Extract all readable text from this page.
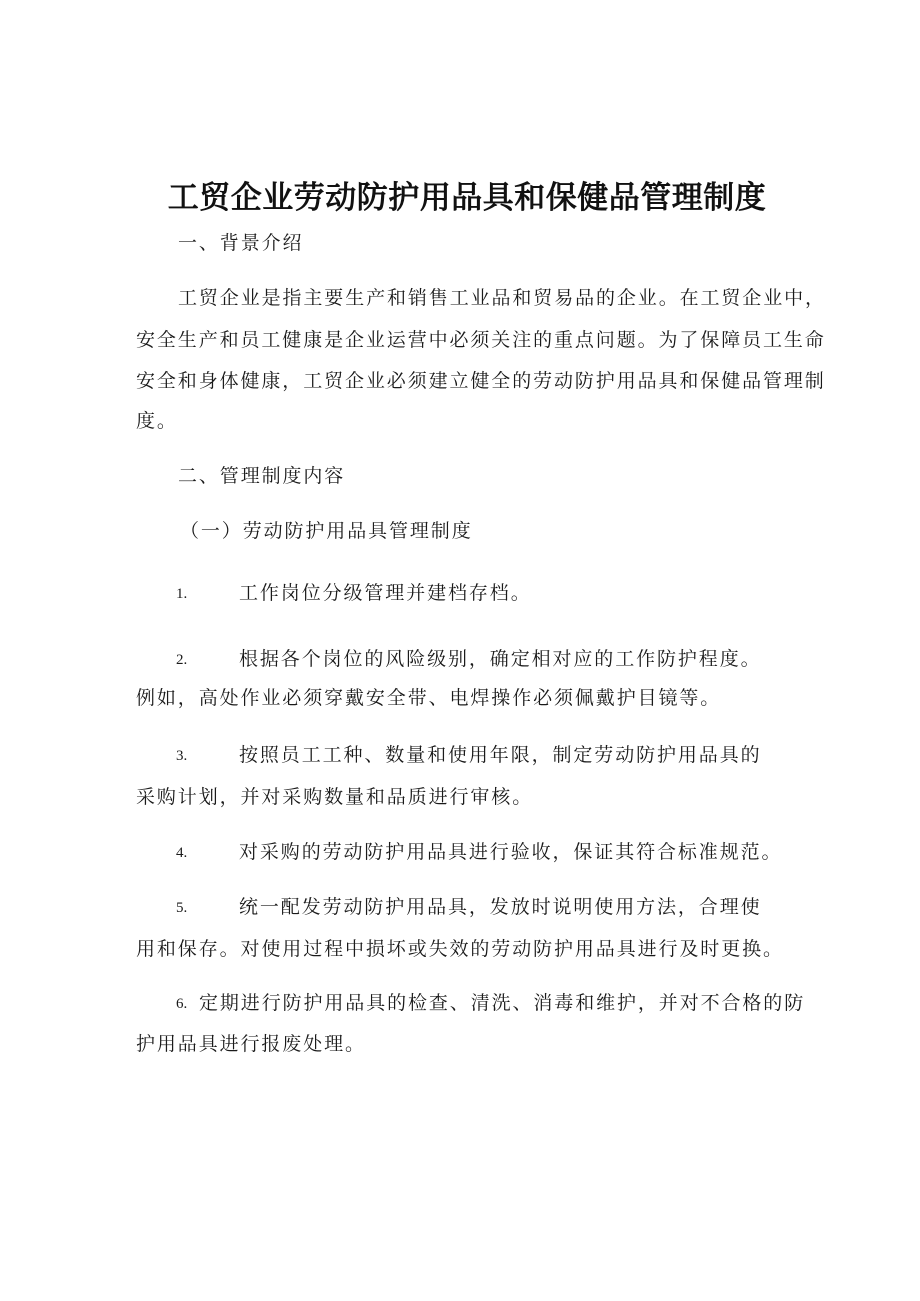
工贸企业劳动防护用品具和保健品管理制度
一、背景介绍
工贸企业是指主要生产和销售工业品和贸易品的企业。在工贸企业中，
安全生产和员工健康是企业运营中必须关注的重点问题。为了保障员工生命
安全和身体健康，工贸企业必须建立健全的劳动防护用品具和保健品管理制
度。
二、管理制度内容
（一）劳动防护用品具管理制度
1.	工作岗位分级管理并建档存档。
2.	根据各个岗位的风险级别，确定相对应的工作防护程度。
例如，高处作业必须穿戴安全带、电焊操作必须佩戴护目镜等。
3.	按照员工工种、数量和使用年限，制定劳动防护用品具的
采购计划，并对采购数量和品质进行审核。
4.	对采购的劳动防护用品具进行验收，保证其符合标准规范。
5.	统一配发劳动防护用品具，发放时说明使用方法，合理使
用和保存。对使用过程中损坏或失效的劳动防护用品具进行及时更换。
6. 定期进行防护用品具的检查、清洗、消毒和维护，并对不合格的防
护用品具进行报废处理。
